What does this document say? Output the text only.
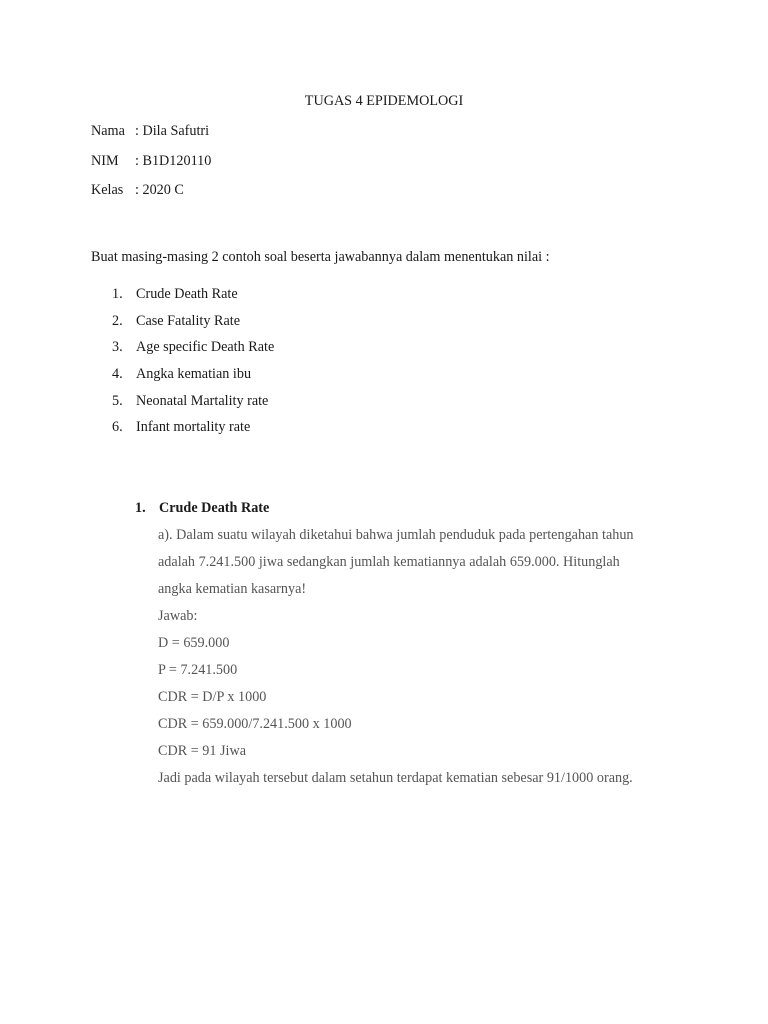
TUGAS 4 EPIDEMOLOGI
Nama : Dila Safutri
NIM : B1D120110
Kelas : 2020 C
Buat masing-masing 2 contoh soal beserta jawabannya dalam menentukan nilai :
1. Crude Death Rate
2. Case Fatality Rate
3. Age specific Death Rate
4. Angka kematian ibu
5. Neonatal Martality rate
6. Infant mortality rate
1. Crude Death Rate
a). Dalam suatu wilayah diketahui bahwa jumlah penduduk pada pertengahan tahun
adalah 7.241.500 jiwa sedangkan jumlah kematiannya adalah 659.000. Hitunglah
angka kematian kasarnya!
Jawab:
D = 659.000
P = 7.241.500
CDR = D/P x 1000
CDR = 659.000/7.241.500 x 1000
CDR = 91 Jiwa
Jadi pada wilayah tersebut dalam setahun terdapat kematian sebesar 91/1000 orang.
